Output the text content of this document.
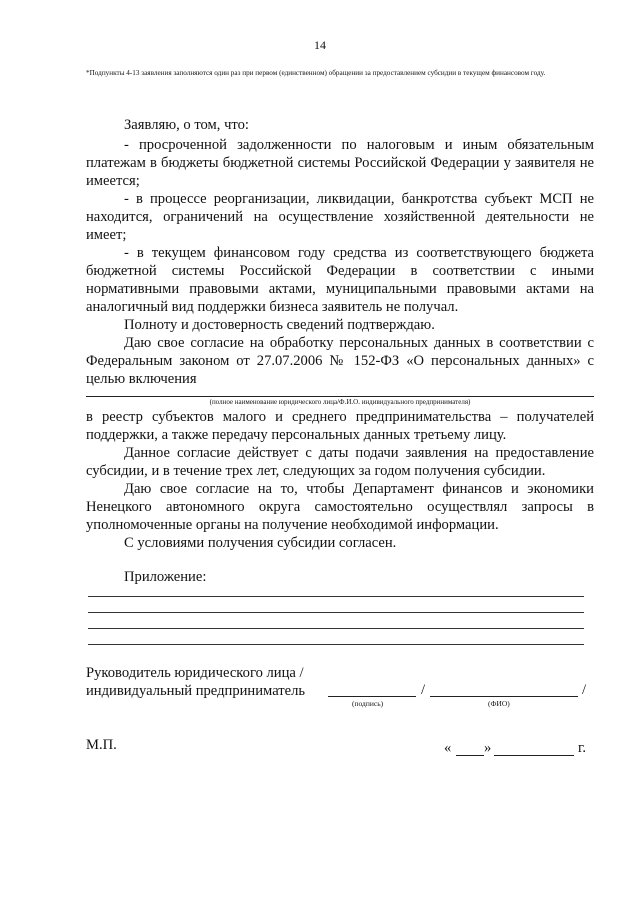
14
*Подпункты 4-13 заявления заполняются один раз при первом (единственном) обращении за предоставлением субсидии в текущем финансовом году.

Заявляю, о том, что:

- просроченной задолженности по налоговым и иным обязательным платежам в бюджеты бюджетной системы Российской Федерации у заявителя не имеется;

- в процессе реорганизации, ликвидации, банкротства субъект МСП не находится, ограничений на осуществление хозяйственной деятельности не имеет;

- в текущем финансовом году средства из соответствующего бюджета бюджетной системы Российской Федерации в соответствии с иными нормативными правовыми актами, муниципальными правовыми актами на аналогичный вид поддержки бизнеса заявитель не получал.

Полноту и достоверность сведений подтверждаю.

Даю свое согласие на обработку персональных данных в соответствии с Федеральным законом от 27.07.2006 № 152-ФЗ «О персональных данных» с целью включения

(полное наименование юридического лица/Ф.И.О. индивидуального предпринимателя)

в реестр субъектов малого и среднего предпринимательства – получателей поддержки, а также передачу персональных данных третьему лицу.

Данное согласие действует с даты подачи заявления на предоставление субсидии, и в течение трех лет, следующих за годом получения субсидии.

Даю свое согласие на то, чтобы Департамент финансов и экономики Ненецкого автономного округа самостоятельно осуществлял запросы в уполномоченные органы на получение необходимой информации.

С условиями получения субсидии согласен.

Приложение:

Руководитель юридического лица /
индивидуальный предприниматель	/	/
(подпись)	(ФИО)
М.П.	« »	г.
